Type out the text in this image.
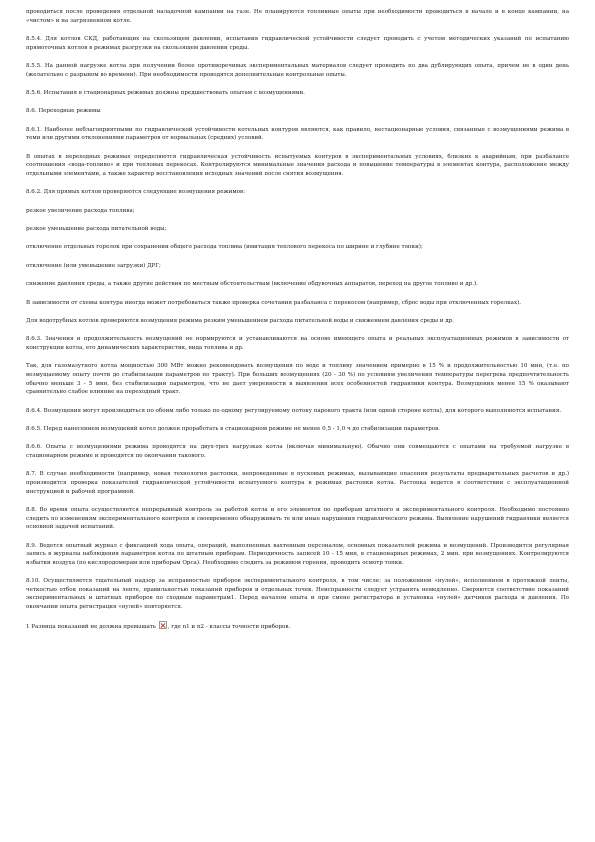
проводиться после проведения отдельной наладочной кампании на газе. Не планируются топливные опыты при необходимости проводиться в начале и в конце кампании, на «чистом» и на загрязненном котле.

8.5.4. Для котлов СКД, работающих на скользящем давлении, испытания гидравлической устойчивости следует проводить с учетом методических указаний по испытанию прямоточных котлов в режимах разгрузки на скользящем давлении среды.

8.5.5. На данной нагрузке котла при получении более противоречивых экспериментальных материалов следует проводить по два дублирующих опыта, причем не в один день (желательно с разрывом во времени). При необходимости проводятся дополнительные контрольные опыты.

8.5.6. Испытания в стационарных режимах должны предшествовать опытам с возмущениями.

8.6. Переходные режимы

8.6.1. Наиболее неблагоприятными по гидравлической устойчивости котельных контуров являются, как правило, нестационарные условия, связанные с возмущениями режима в теми или другими отклонениями параметров от нормальных (средних) условий.

В опытах в переходных режимах определяются гидравлическая устойчивость испытуемых контуров в экспериментальных условиях, близких к аварийным, при разбалансе соотношения «вода-топливо» и при тепловых перекосах. Контролируются минимальные значения расхода и повышение температуры в элементах контура, расположение между отдельными элементами, а также характер восстановления исходных значений после снятия возмущения.

8.6.2. Для прямых котлов проверяются следующие возмущения режимов:

резкое увеличение расхода топлива;

резкое уменьшение расхода питательной воды;

отключение отдельных горелок при сохранении общего расхода топлива (имитация теплового перекоса по ширине и глубине топки);

отключение (или уменьшение загрузки) ДРГ;

снижение давления среды, а также другие действия по местным обстоятельствам (включение обдувочных аппаратов, переход на другое топливо и др.).

В зависимости от схемы контура иногда может потребоваться также проверка сочетания разбаланса с перекосом (например, сброс воды при отключенных горелках).

Для водотрубных котлов проверяются возмущения режима резким уменьшением расхода питательной воды и снижением давления среды и др.

8.6.3. Значения и продолжительность возмущений не нормируются и устанавливаются на основе имеющего опыта и реальных эксплуатационных режимов в зависимости от конструкции котла, его динамических характеристик, вида топлива и др.

Так, для газомазутного котла мощностью 300 МВт можно рекомендовать возмущения по воде и топливу значением примерно в 15 % и продолжительностью 10 мин, (т.е. по возмущаемому опыту почти до стабилизации параметров по тракту). При больших возмущениях (20 - 30 %) по условиям увеличения температуры перегрева предпочтительность обычно меньше 3 - 5 мин, без стабилизации параметров, что не дает уверенности в выявлении всех особенностей гидравлики контура. Возмущения менее 15 % оказывают сравнительно слабое влияние на переходный тракт.

8.6.4. Возмущения могут производиться по обоим либо только по одному регулируемому потоку парового тракта (или одной стороне котла), для которого выполняются испытания.

8.6.5. Перед нанесением возмущений котел должен проработать в стационарном режиме не менее 0,5 - 1,0 ч до стабилизации параметров.

8.6.6. Опыты с возмущениями режима проводятся на двух-трех нагрузках котла (включая минимальную). Обычно они совмещаются с опытами на требуемой нагрузке в стационарном режиме и проводятся по окончании такового.

8.7. В случае необходимости (например, новая технология растопки, непроведенные в пусковых режимах, вызывающие опасения результаты предварительных расчетов и др.) производится проверка показателей гидравлической устойчивости испытуемого контура в режимах растопки котла. Растопка ведется в соответствии с эксплуатационной инструкцией и рабочей программой.

8.8. Во время опыта осуществляется непрерывный контроль за работой котла и его элементов по приборам штатного и экспериментального контроля. Необходимо постоянно следить по изменениям экспериментального контроля и своевременно обнаруживать те или иные нарушения гидравлического режима. Выявление нарушений гидравлики является основной задачей испытаний.

8.9. Ведется опытный журнал с фиксацией хода опыта, операций, выполненных вахтенным персоналом, основных показателей режима и возмущений. Производится регулярная запись в журналы наблюдения параметров котла по штатным приборам. Периодичность записей 10 - 15 мин, в стационарных режимах, 2 мин. при возмущениях. Контролируются избытки воздуха (по кислородомерам или приборам Орса). Необходимо следить за режимом горения, проводить осмотр топки.

8.10. Осуществляется тщательный надзор за исправностью приборов экспериментального контроля, в том числе: за положением «нулей», исполнением в протяжной ленты, четкостью отбоя показаний на ленте, правильностью показаний приборов и отдельных точек. Неисправности следует устранять немедленно. Сверяются соответствие показаний экспериментальных и штатных приборов по сходным параметрам1. Перед началом опыта и при смене регистратора и установка «нулей» датчиков расхода и давления. По окончании опыта регистрация «нулей» повторяется.

1 Разница показаний не должна превышать , где n1 и n2 - классы точности приборов.
